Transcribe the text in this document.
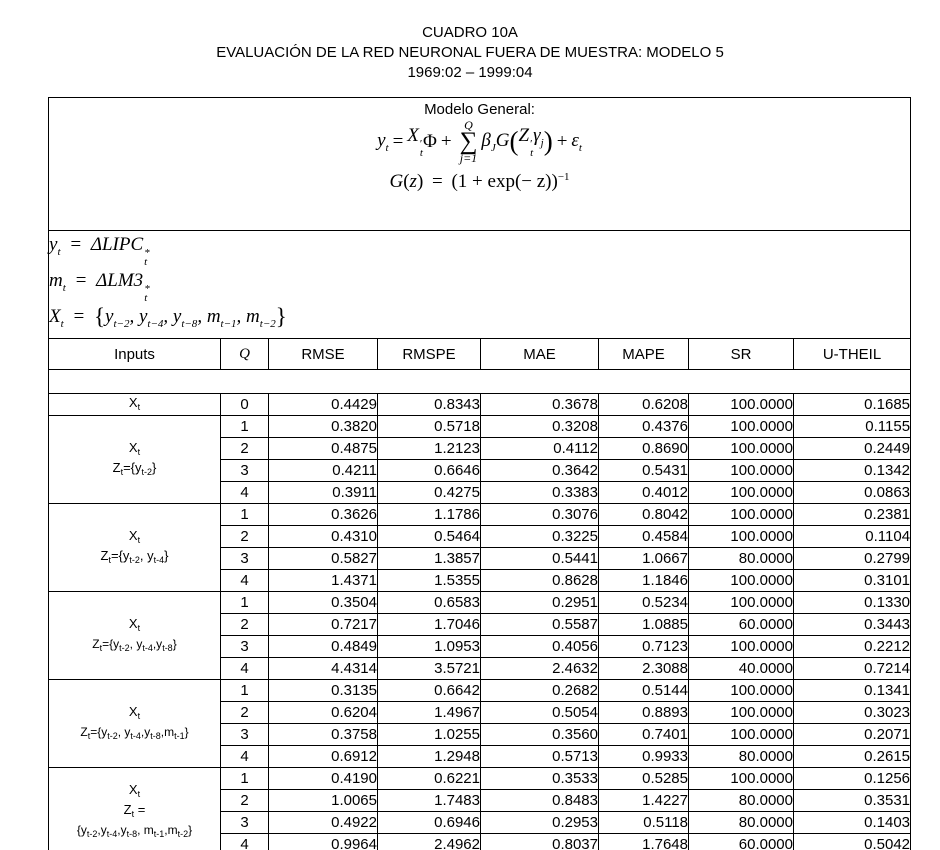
CUADRO 10A
EVALUACIÓN DE LA RED NEURONAL FUERA DE MUESTRA: MODELO 5
1969:02 – 1999:04
Modelo General:
$y_t = X$ ′
t
Φ +
Q
∑
j=1
$\beta_JG$ ( Z ′
t
$\gamma_j$ ) + $\varepsilon_t$
$G(z) = (1 + \exp(- z))^{-1}$

$y_t$ = ΔLIPC *
t
$m_t = \Delta LM3$ *
t
$X_t = \{y_{t-2}$, $y_{t-4}$, $y_{t-8}$, $m_{t-1}$, $m_{t-2}$}

Inputs	Q	RMSE	RMSPE	MAE	MAPE	SR	U-THEIL

$X_t$	0	0.4429	0.8343	0.3678	0.6208	100.0000	0.1685

$X_t$
$Z_t=\{y_{t-2}\}$	1	0.3820	0.5718	0.3208	0.4376	100.0000	0.1155
	2	0.4875	1.2123	0.4112	0.8690	100.0000	0.2449
	3	0.4211	0.6646	0.3642	0.5431	100.0000	0.1342
	4	0.3911	0.4275	0.3383	0.4012	100.0000	0.0863

$X_t$
$Z_t=\{y_{t-2}$, $y_{t-4}$}	1	0.3626	1.1786	0.3076	0.8042	100.0000	0.2381
	2	0.4310	0.5464	0.3225	0.4584	100.0000	0.1104
	3	0.5827	1.3857	0.5441	1.0667	80.0000	0.2799
	4	1.4371	1.5355	0.8628	1.1846	100.0000	0.3101

$X_t$
$Z_t=\{y_{t-2}$, $y_{t-4},y_{t-8}$}	1	0.3504	0.6583	0.2951	0.5234	100.0000	0.1330
	2	0.7217	1.7046	0.5587	1.0885	60.0000	0.3443
	3	0.4849	1.0953	0.4056	0.7123	100.0000	0.2212
	4	4.4314	3.5721	2.4632	2.3088	40.0000	0.7214

$X_t$
$Z_t=\{y_{t-2}$, $y_{t-4},y_{t-8},m_{t-1}$}	1	0.3135	0.6642	0.2682	0.5144	100.0000	0.1341
	2	0.6204	1.4967	0.5054	0.8893	100.0000	0.3023
	3	0.3758	1.0255	0.3560	0.7401	100.0000	0.2071
	4	0.6912	1.2948	0.5713	0.9933	80.0000	0.2615

$X_t$
$Z_t$ =
{$y_{t-2},y_{t-4},y_{t-8}$, $m_{t-1},m_{t-2}$}	1	0.4190	0.6221	0.3533	0.5285	100.0000	0.1256
	2	1.0065	1.7483	0.8483	1.4227	80.0000	0.3531
	3	0.4922	0.6946	0.2953	0.5118	80.0000	0.1403
	4	0.9964	2.4962	0.8037	1.7648	60.0000	0.5042
